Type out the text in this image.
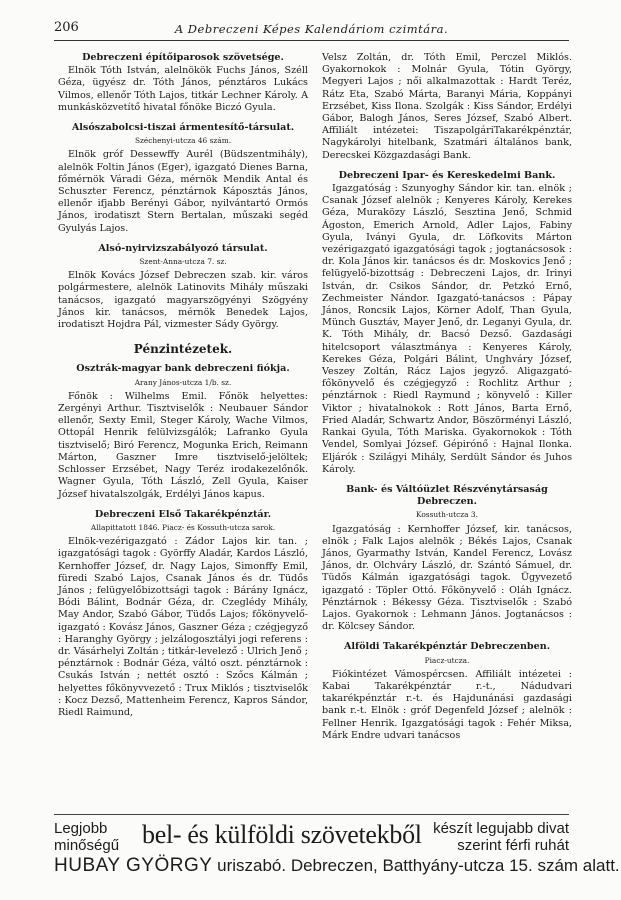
206	A Debreczeni Képes Kalendáriom czimtára.
Debreczeni építőiparosok szövetsége.

Elnök Tóth István, alelnökök Fuchs János, Széll Géza, ügyész dr. Tóth János, pénztáros Lukács Vilmos, ellenőr Tóth Lajos, titkár Lechner Károly. A munkásközvetítő hivatal főnöke Biczó Gyula.

Alsószabolcsi-tiszai ármentesítő-társulat.
Széchenyi-utcza 46 szám.

Elnök gróf Dessewffy Aurél (Büdszentmihály), alelnök Foltin János (Eger), igazgató Dienes Barna, főmérnök Váradi Géza, mérnök Mendik Antal és Schuszter Ferencz, pénztárnok Káposztás János, ellenőr ifjabb Berényi Gábor, nyilvántartó Ormós János, irodatiszt Stern Bertalan, műszaki segéd Gyulyás Lajos.

Alsó-nyirvizszabályozó társulat.
Szent-Anna-utcza 7. sz.

Elnök Kovács József Debreczen szab. kir. város polgármestere, alelnök Latinovits Mihály műszaki tanácsos, igazgató magyarszögyényi Szögyény János kir. tanácsos, mérnök Benedek Lajos, irodatiszt Hojdra Pál, vizmester Sády György.

Pénzintézetek.
Osztrák-magyar bank debreczeni fiókja.
Arany János-utcza 1/b. sz.

Főnök : Wilhelms Emil. Főnök helyettes: Zergényi Arthur. Tisztviselők : Neubauer Sándor ellenőr, Sexty Emil, Steger Károly, Wache Vilmos, Ottopál Henrik felülvizsgálók; Lafranko Gyula tisztviselő; Biró Ferencz, Mogunka Erich, Reimann Márton, Gaszner Imre tisztviselő-jelöltek; Schlosser Erzsébet, Nagy Teréz irodakezelőnők. Wagner Gyula, Tóth László, Zell Gyula, Kaiser József hivatalszolgák, Erdélyi János kapus.

Debreczeni Első Takarékpénztár.
Allapittatott 1846. Piacz- és Kossuth-utcza sarok.

Elnök-vezérigazgató : Zádor Lajos kir. tan. ; igazgatósági tagok : Györffy Aladár, Kardos László, Kernhoffer József, dr. Nagy Lajos, Simonffy Emil, füredi Szabó Lajos, Csanak János és dr. Tüdős János ; felügyelőbizottsági tagok : Bárány Ignácz, Bódi Bálint, Bodnár Géza, dr. Czeglédy Mihály, May Andor, Szabó Gábor, Tüdős Lajos; főkönyvelő-igazgató : Kovász János, Gaszner Géza ; czégjegyző : Haranghy György ; jelzálogosztályi jogi referens : dr. Vásárhelyi Zoltán ; titkár-levelező : Ulrich Jenő ; pénztárnok : Bodnár Géza, váltó oszt. pénztárnok : Csukás István ; nettét osztó : Szőcs Kálmán ; helyettes főkönyvvezető : Trux Miklós ; tisztviselők : Kocz Dezső, Mattenheim Ferencz, Kapros Sándor, Riedl Raimund,

Velsz Zoltán, dr. Tóth Emil, Perczel Miklós. Gyakornokok : Molnár Gyula, Tótin György, Megyeri Lajos ; női alkalmazottak : Hardt Teréz, Rátz Eta, Szabó Márta, Baranyi Mária, Koppányi Erzsébet, Kiss Ilona. Szolgák : Kiss Sándor, Erdélyi Gábor, Balogh János, Seres József, Szabó Albert. Affiliált intézetei: TiszapolgáriTakarékpénztár, Nagykárolyi hitelbank, Szatmári általános bank, Derecskei Közgazdasági Bank.

Debreczeni Ipar- és Kereskedelmi Bank.

Igazgatóság : Szunyoghy Sándor kir. tan. elnök ; Csanak József alelnök ; Kenyeres Károly, Kerekes Géza, Muraközy László, Sesztina Jenő, Schmid Ágoston, Emerich Arnold, Adler Lajos, Fabiny Gyula, Iványi Gyula, dr. Löfkovits Márton vezérigazgató igazgatósági tagok ; jogtanácsosok : dr. Kola János kir. tanácsos és dr. Moskovics Jenő ; felügyelő-bizottság : Debreczeni Lajos, dr. Irinyi István, dr. Csikos Sándor, dr. Petzkó Ernő, Zechmeister Nándor. Igazgató-tanácsos : Pápay János, Roncsik Lajos, Körner Adolf, Than Gyula, Münch Gusztáv, Mayer Jenő, dr. Leganyi Gyula, dr. K. Tóth Mihály, dr. Bacsó Dezső. Gazdasági hitelcsoport választmánya : Kenyeres Károly, Kerekes Géza, Polgári Bálint, Unghváry József, Veszey Zoltán, Rácz Lajos jegyző. Aligazgató-főkönyvelő és czégjegyző : Rochlitz Arthur ; pénztárnok : Riedl Raymund ; könyvelő : Killer Viktor ; hivatalnokok : Rott János, Barta Ernő, Fried Aladár, Schwartz Andor, Böszörményi László, Rankai Gyula, Tóth Mariska. Gyakornokok : Tóth Vendel, Somlyai József. Gépirónő : Hajnal Ilonka. Eljárók : Szilágyi Mihály, Serdült Sándor és Juhos Károly.

Bank- és Váltóüzlet Részvénytársaság Debreczen.
Kossuth-utcza 3.

Igazgatóság : Kernhoffer József, kir. tanácsos, elnök ; Falk Lajos alelnök ; Békés Lajos, Csanak János, Gyarmathy István, Kandel Ferencz, Lovász János, dr. Olchváry László, dr. Szántó Sámuel, dr. Tüdős Kálmán igazgatósági tagok. Ügyvezető igazgató : Töpler Ottó. Főkönyvelő : Oláh Ignácz. Pénztárnok : Békessy Géza. Tisztviselők : Szabó Lajos. Gyakornok : Lehmann János. Jogtanácsos : dr. Kölcsey Sándor.

Alföldi Takarékpénztár Debreczenben.
Piacz-utcza.

Fiókintézet Vámospércsen. Affiliált intézetei : Kabai Takarékpénztár r.-t., Nádudvari takarékpénztár r.-t. és Hajdunánási gazdasági bank r.-t. Elnök : gróf Degenfeld József ; alelnök : Fellner Henrik. Igazgatósági tagok : Fehér Miksa, Márk Endre udvari tanácsos

Legjobb
minőségű bel- és külföldi szövetekből készít legujabb divat
szerint férfi ruhát
HUBAY GYÖRGY uriszabó. Debreczen, Batthyány-utcza 15. szám alatt.
